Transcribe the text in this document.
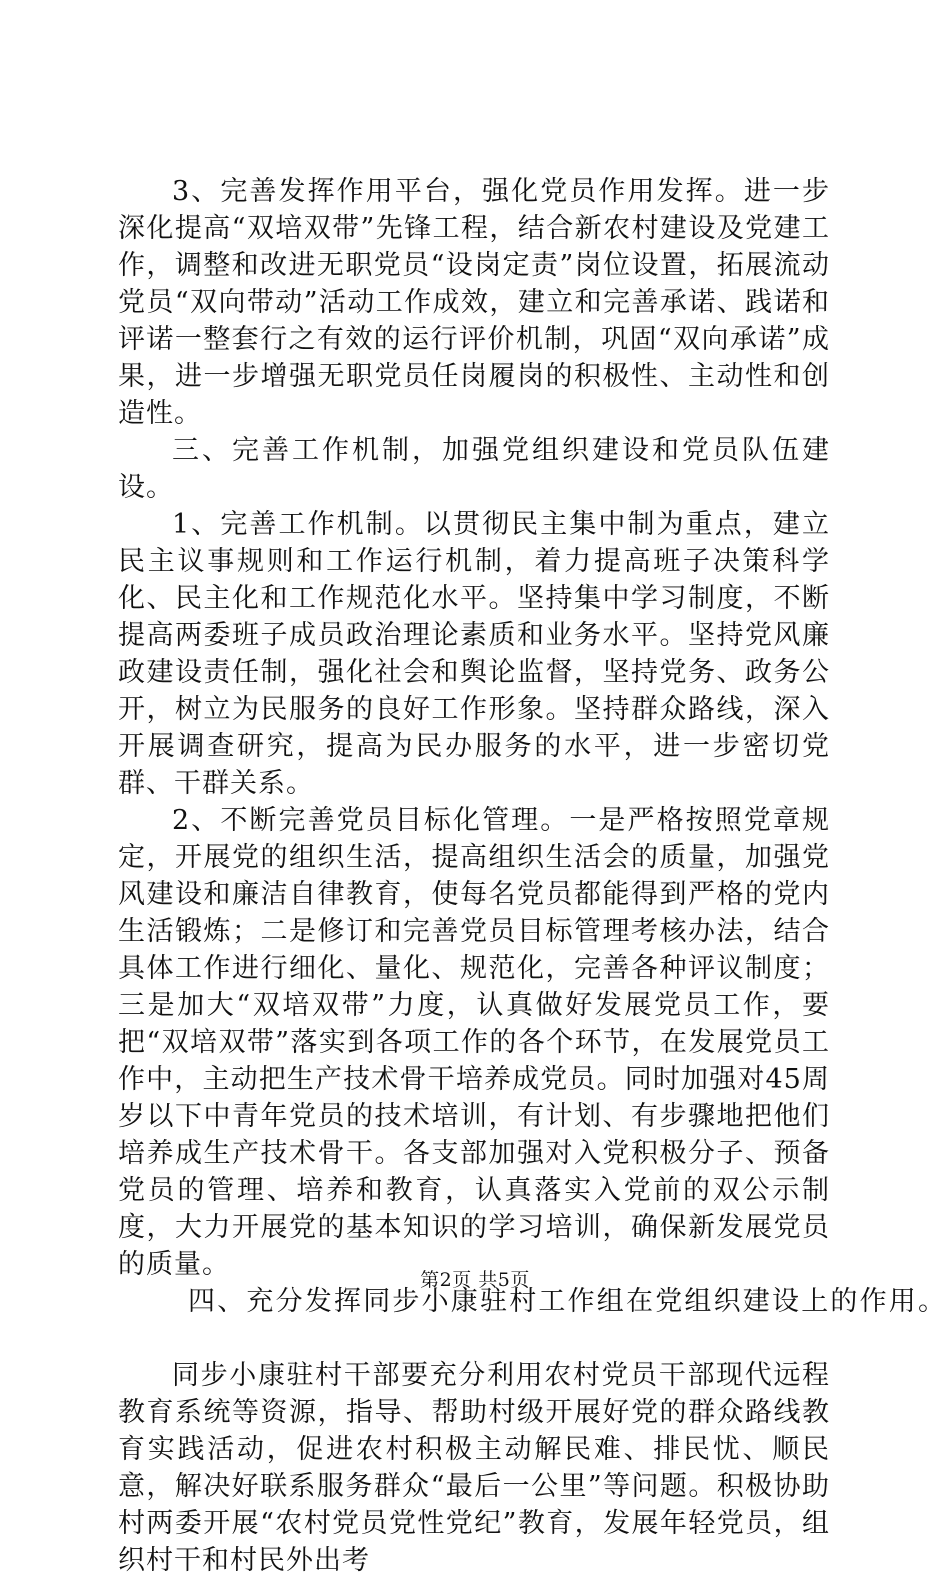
3、完善发挥作用平台，强化党员作用发挥。进一步深化提高“双培双带”先锋工程，结合新农村建设及党建工作，调整和改进无职党员“设岗定责”岗位设置，拓展流动党员“双向带动”活动工作成效，建立和完善承诺、践诺和评诺一整套行之有效的运行评价机制，巩固“双向承诺”成果，进一步增强无职党员任岗履岗的积极性、主动性和创造性。

三、完善工作机制，加强党组织建设和党员队伍建设。

1、完善工作机制。以贯彻民主集中制为重点，建立民主议事规则和工作运行机制，着力提高班子决策科学化、民主化和工作规范化水平。坚持集中学习制度，不断提高两委班子成员政治理论素质和业务水平。坚持党风廉政建设责任制，强化社会和舆论监督，坚持党务、政务公开，树立为民服务的良好工作形象。坚持群众路线，深入开展调查研究，提高为民办服务的水平，进一步密切党群、干群关系。

2、不断完善党员目标化管理。一是严格按照党章规定，开展党的组织生活，提高组织生活会的质量，加强党风建设和廉洁自律教育，使每名党员都能得到严格的党内生活锻炼；二是修订和完善党员目标管理考核办法，结合具体工作进行细化、量化、规范化，完善各种评议制度；三是加大“双培双带”力度，认真做好发展党员工作，要把“双培双带”落实到各项工作的各个环节，在发展党员工作中，主动把生产技术骨干培养成党员。同时加强对45周岁以下中青年党员的技术培训，有计划、有步骤地把他们培养成生产技术骨干。各支部加强对入党积极分子、预备党员的管理、培养和教育，认真落实入党前的双公示制度，大力开展党的基本知识的学习培训，确保新发展党员的质量。

四、充分发挥同步小康驻村工作组在党组织建设上的作用。

同步小康驻村干部要充分利用农村党员干部现代远程教育系统等资源，指导、帮助村级开展好党的群众路线教育实践活动，促进农村积极主动解民难、排民忧、顺民意，解决好联系服务群众“最后一公里”等问题。积极协助村两委开展“农村党员党性党纪”教育，发展年轻党员，组织村干和村民外出考

第2页 共5页
